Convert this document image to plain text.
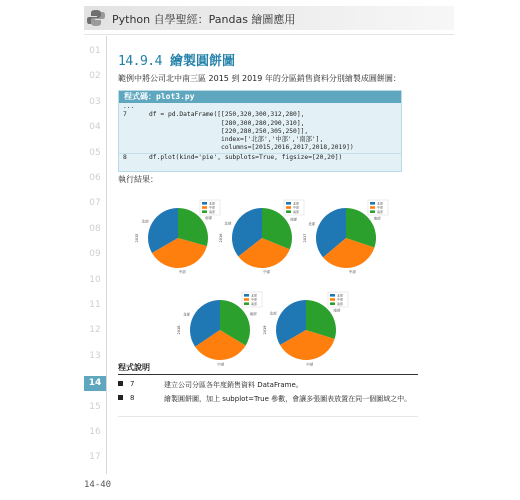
Python 自學聖經：Pandas 繪圖應用
01
02
03
04
05
06
07
08
09
10
11
12
13
14
15
16
17
14-40
14.9.4 繪製圓餅圖
範例中將公司北中南三區 2015 到 2019 年的分區銷售資料分別繪製成圓餅圖：
程式碼：plot3.py
...
7	df = pd.DataFrame([[250,320,300,312,280],
[280,300,280,290,310],
[220,280,250,305,250]],
index=['北部','中部','南部'],
columns=[2015,2016,2017,2018,2019])
8	df.plot(kind='pie', subplots=True, figsize=[20,20])
執行結果：
北部
中部
南部
2015
北部
中部
南部
北部
中部
南部
2016
北部
中部
南部
北部
中部
南部
2017
北部
中部
南部
北部
中部
南部
2018
北部
中部
南部
北部
中部
南部
2019
北部
中部
南部
程式說明
7	建立公司分區各年度銷售資料 DataFrame。
8	繪製圓餅圖，加上 subplot=True 參數，會讓多張圖表放置在同一個圖域之中。
